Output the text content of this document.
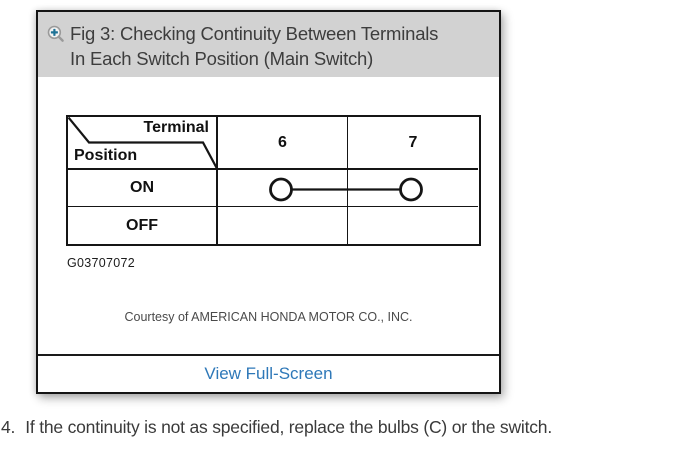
Fig 3: Checking Continuity Between Terminals
In Each Switch Position (Main Switch)
Terminal
Position
6	7
ON
OFF
G03707072
Courtesy of AMERICAN HONDA MOTOR CO., INC.
View Full-Screen
4. If the continuity is not as specified, replace the bulbs (C) or the switch.
